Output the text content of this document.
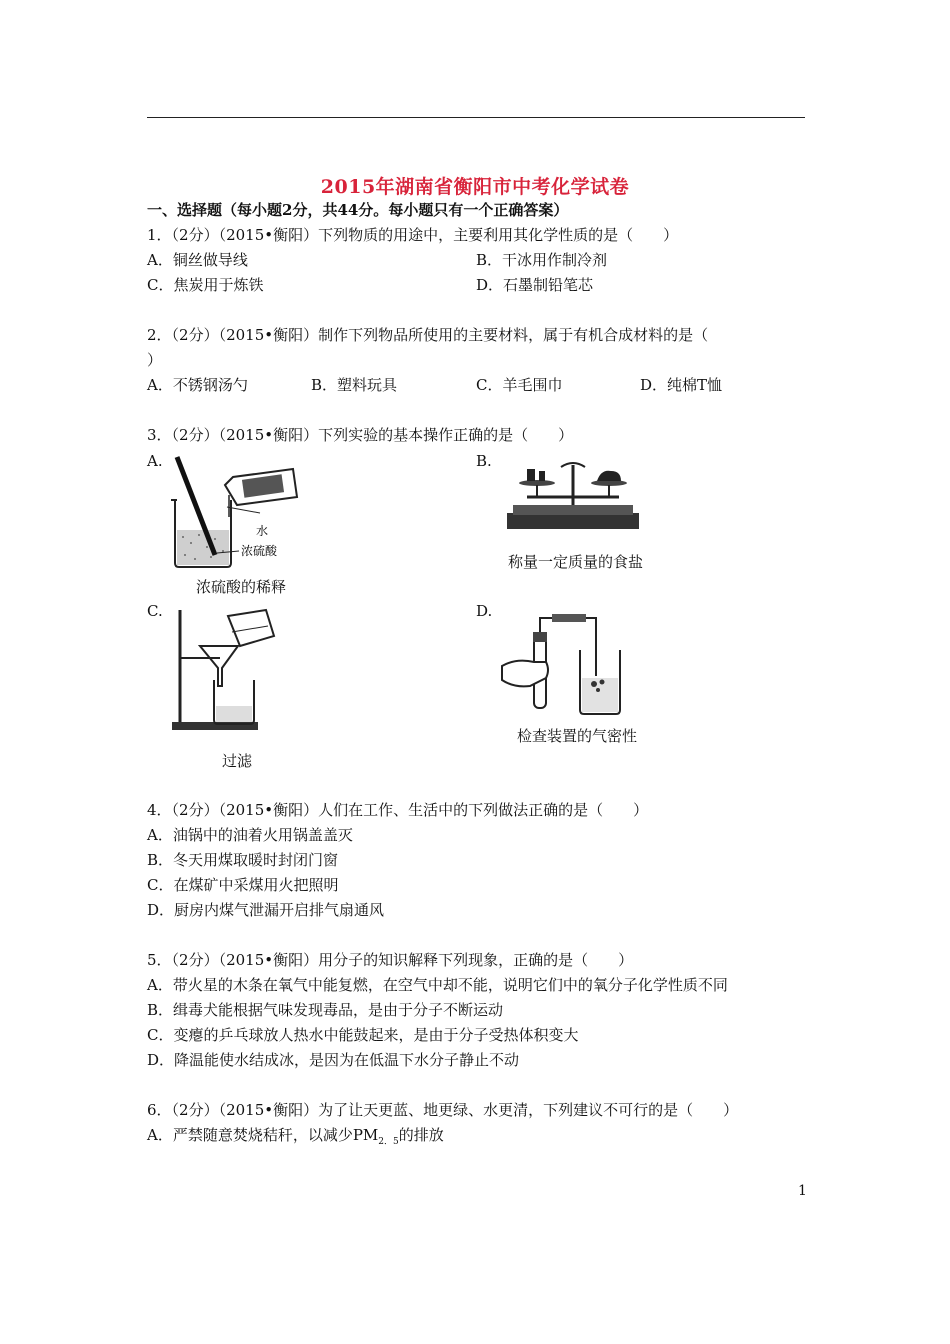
2015年湖南省衡阳市中考化学试卷
一、选择题（每小题2分，共44分。每小题只有一个正确答案）
1．（2分）（2015•衡阳）下列物质的用途中，主要利用其化学性质的是（　　）
A．铜丝做导线	B．干冰用作制冷剂
C．焦炭用于炼铁	D．石墨制铅笔芯
2．（2分）（2015•衡阳）制作下列物品所使用的主要材料，属于有机合成材料的是（
）
A．不锈钢汤勺	B．塑料玩具	C．羊毛围巾	D．纯棉T恤
3．（2分）（2015•衡阳）下列实验的基本操作正确的是（　　）
A.	B.
水
浓硫酸
浓硫酸的稀释
称量一定质量的食盐
C.	D.
过滤
检查装置的气密性
4．（2分）（2015•衡阳）人们在工作、生活中的下列做法正确的是（　　）
A．油锅中的油着火用锅盖盖灭
B．冬天用煤取暖时封闭门窗
C．在煤矿中采煤用火把照明
D．厨房内煤气泄漏开启排气扇通风
5．（2分）（2015•衡阳）用分子的知识解释下列现象，正确的是（　　）
A．带火星的木条在氧气中能复燃，在空气中却不能，说明它们中的氧分子化学性质不同
B．缉毒犬能根据气味发现毒品，是由于分子不断运动
C．变瘪的乒乓球放人热水中能鼓起来，是由于分子受热体积变大
D．降温能使水结成冰，是因为在低温下水分子静止不动
6．（2分）（2015•衡阳）为了让天更蓝、地更绿、水更清，下列建议不可行的是（　　）
A．严禁随意焚烧秸秆，以减少$PM_{2.5}$的排放
1
